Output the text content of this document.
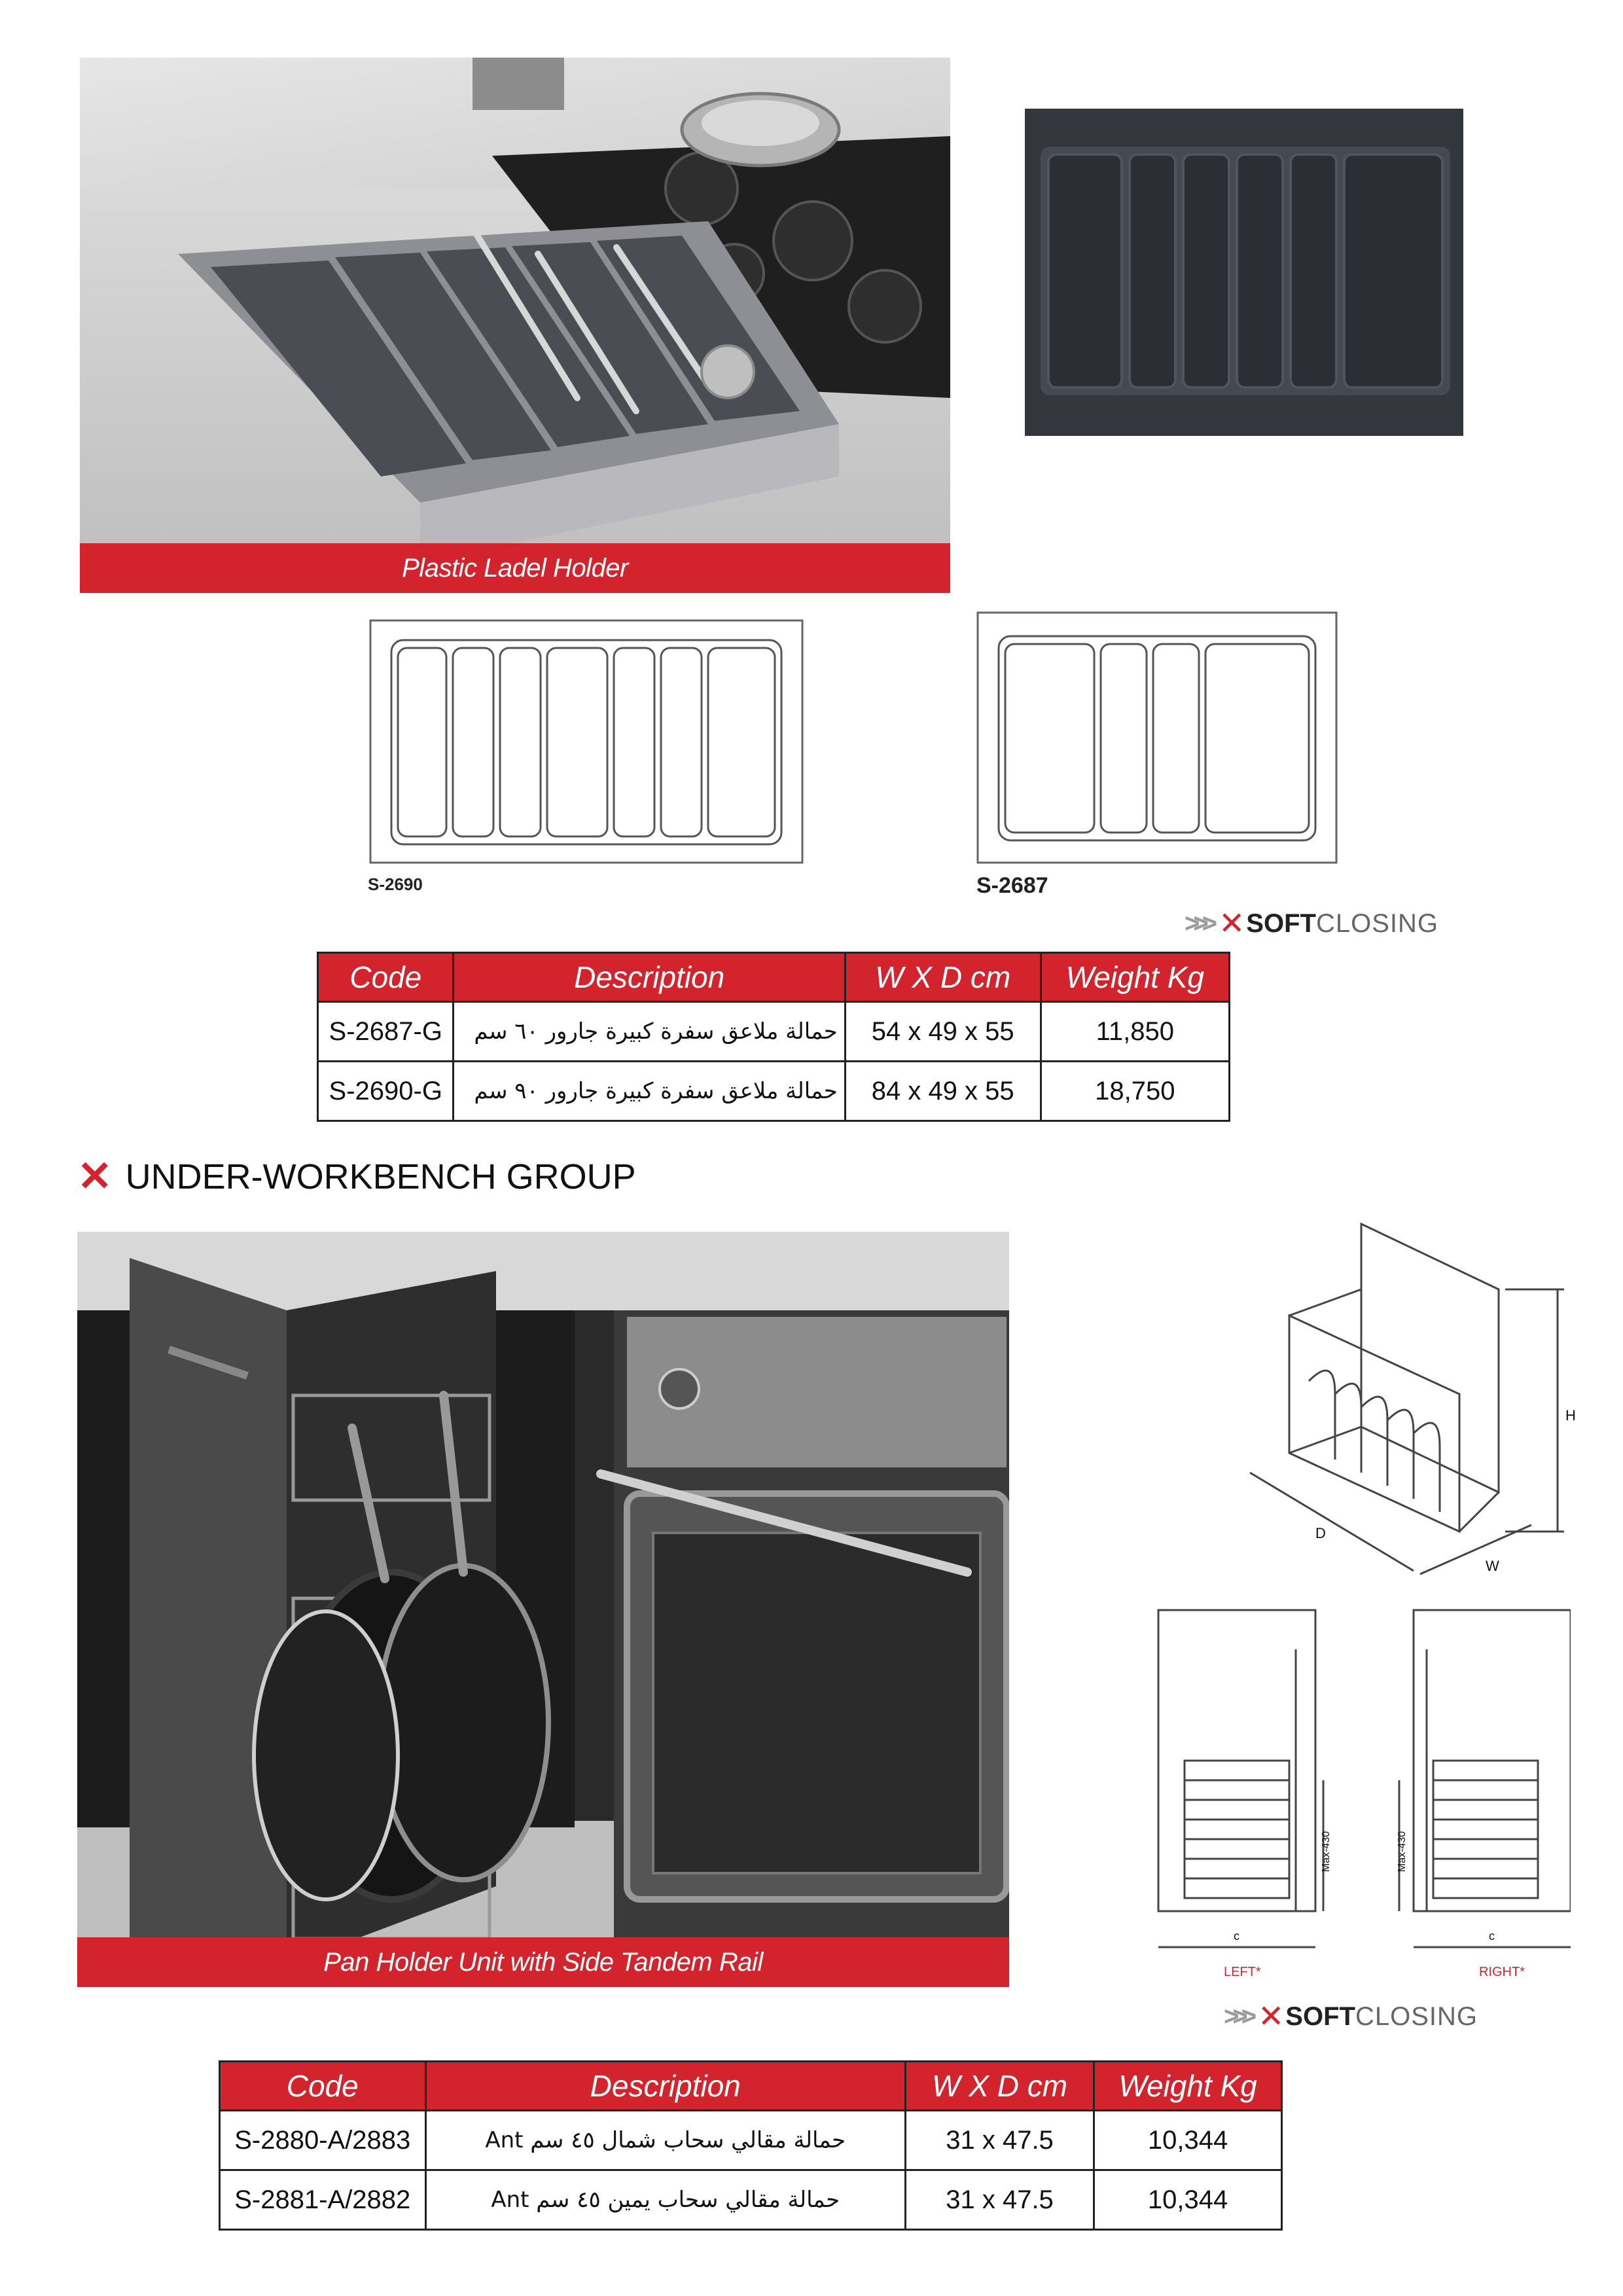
Plastic Ladel Holder
S-2690	S-2687
>>> ✕ SOFT CLOSING
Code	Description	W X D cm	Weight Kg
S-2687-G	حمالة ملاعق سفرة كبيرة جارور ٦٠ سم	54 x 49 x 55	11,850
S-2690-G	حمالة ملاعق سفرة كبيرة جارور ٩٠ سم	84 x 49 x 55	18,750
✕ UNDER-WORKBENCH GROUP
Pan Holder Unit with Side Tandem Rail
H
D
W
Max-430	Max-430
c	c
LEFT*	RIGHT*
>>> ✕ SOFT CLOSING
Code	Description	W X D cm	Weight Kg
S-2880-A/2883	حمالة مقالي سحاب شمال ٤٥ سم Ant	31 x 47.5	10,344
S-2881-A/2882	حمالة مقالي سحاب يمين ٤٥ سم Ant	31 x 47.5	10,344
